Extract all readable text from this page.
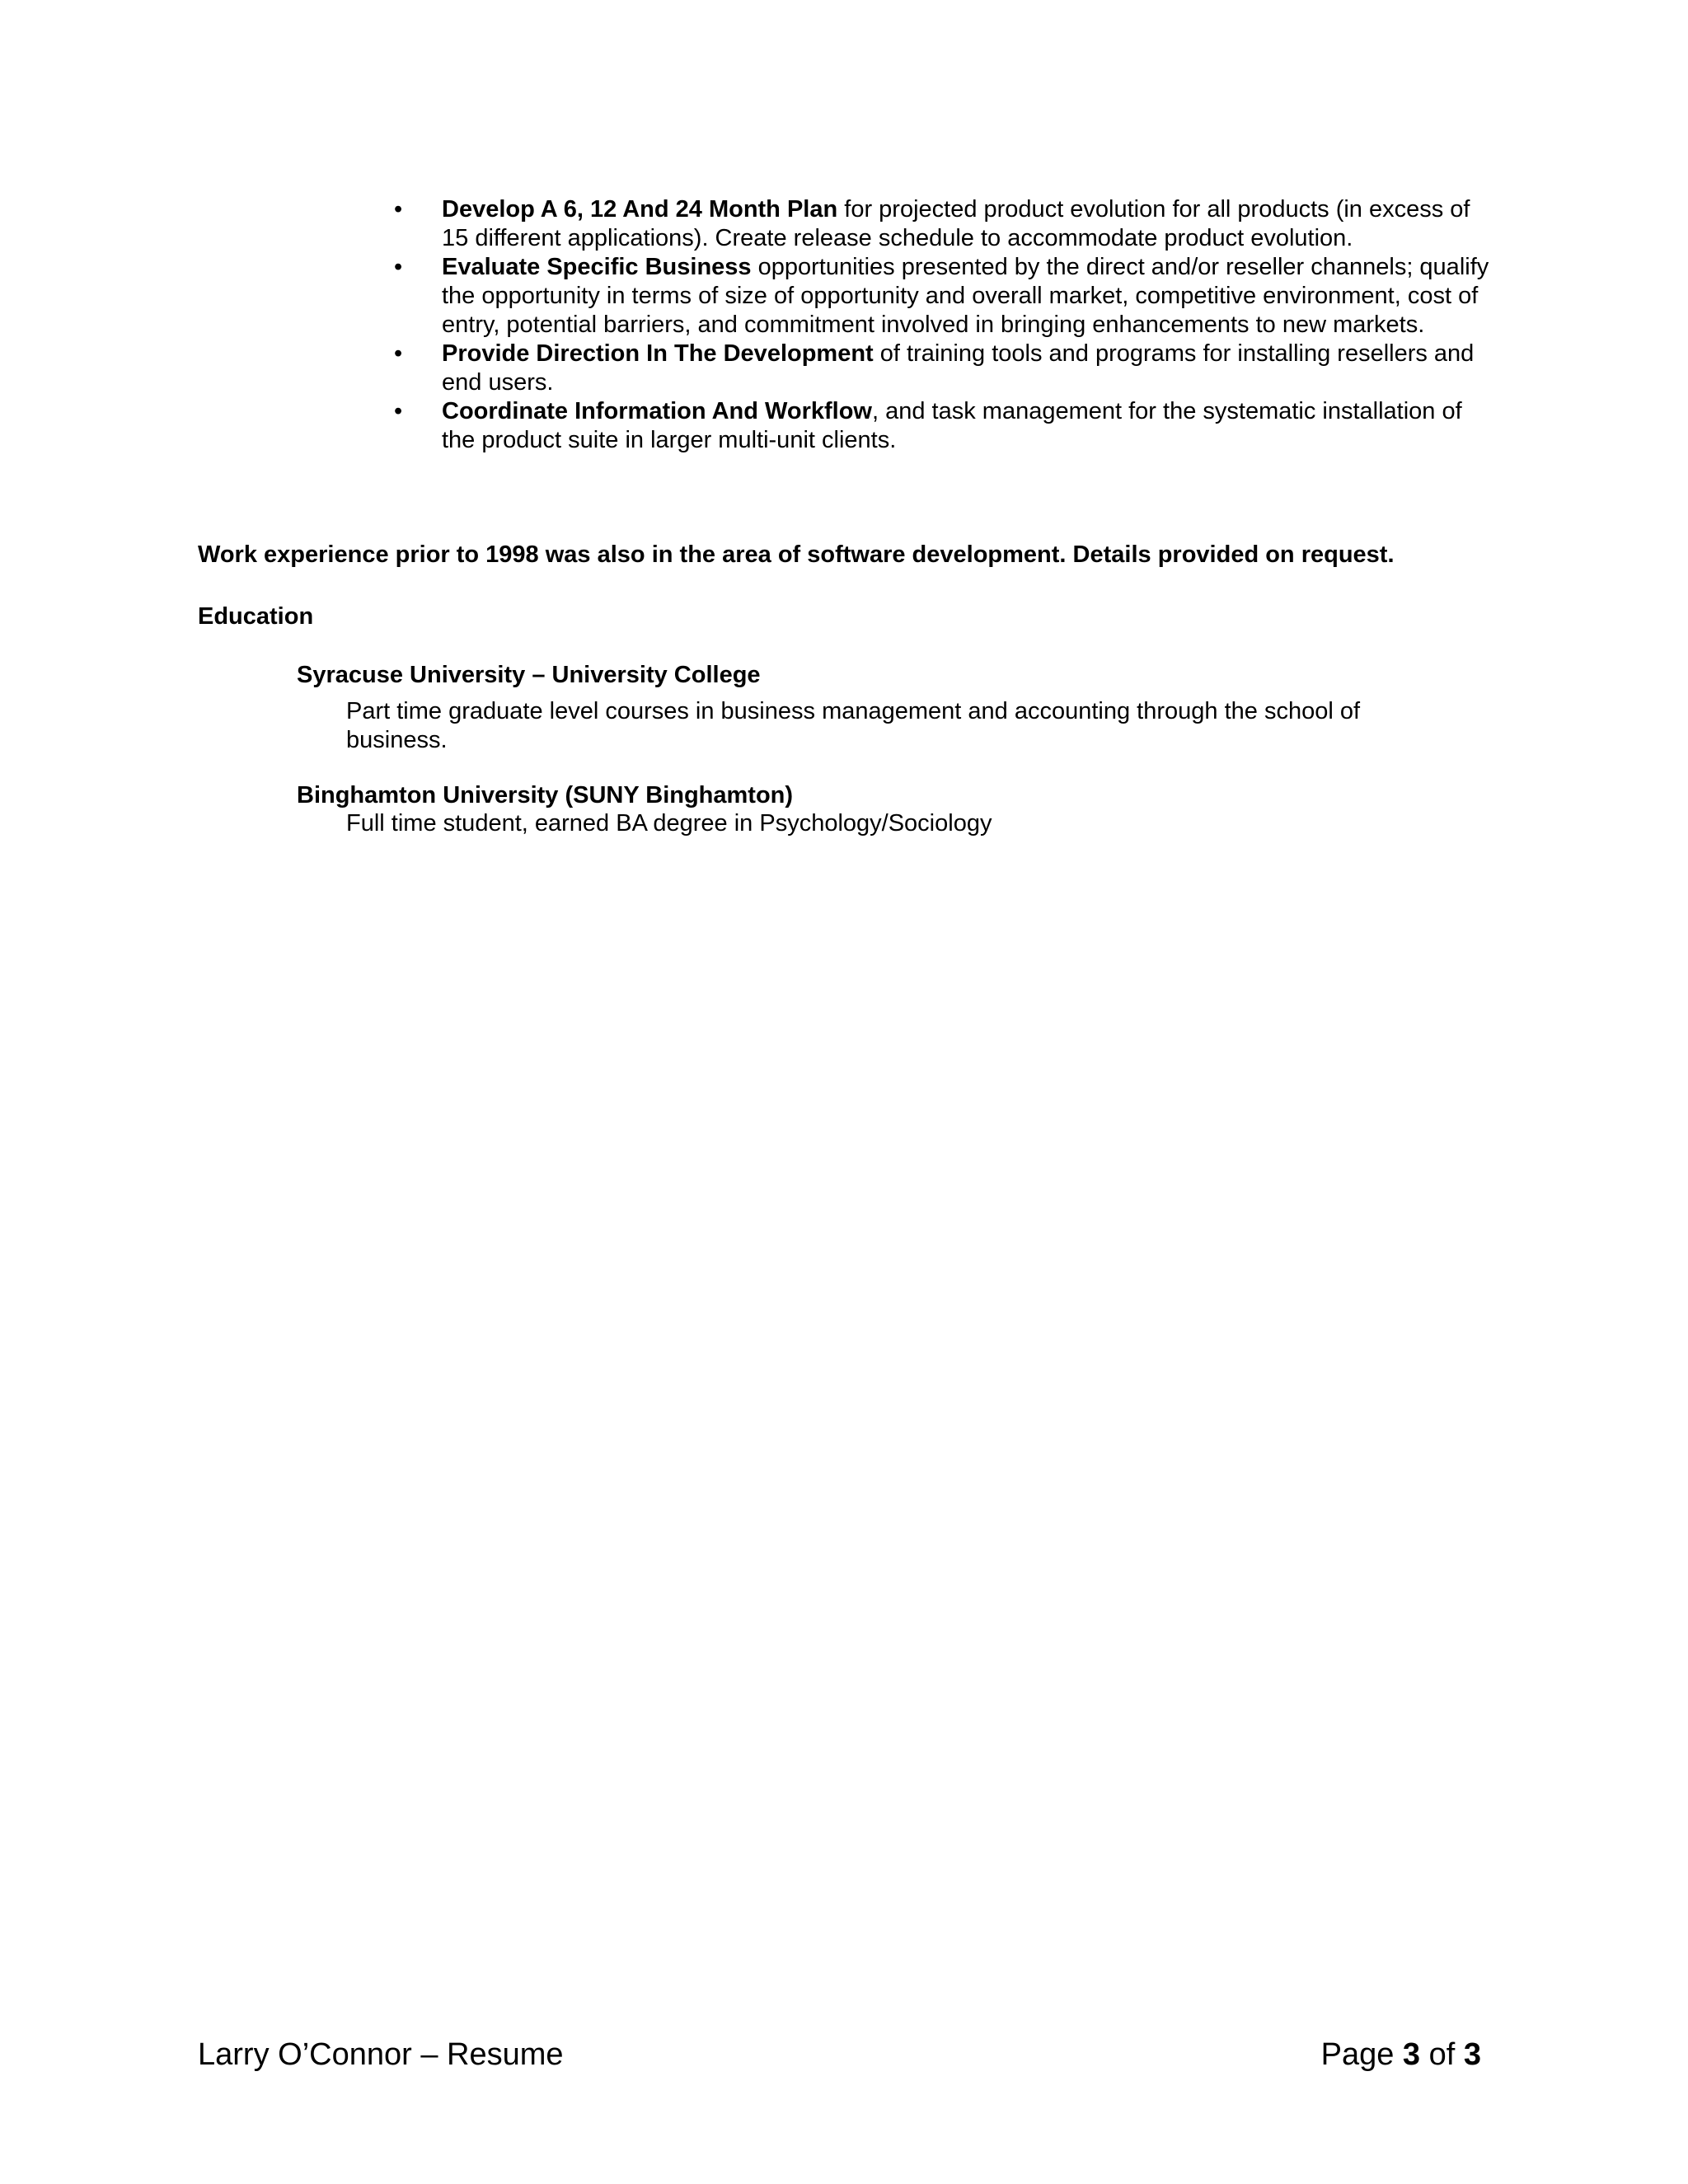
• Develop A 6, 12 And 24 Month Plan for projected product evolution for all products (in excess of 15 different applications). Create release schedule to accommodate product evolution.
• Evaluate Specific Business opportunities presented by the direct and/or reseller channels; qualify the opportunity in terms of size of opportunity and overall market, competitive environment, cost of entry, potential barriers, and commitment involved in bringing enhancements to new markets.
• Provide Direction In The Development of training tools and programs for installing resellers and end users.
• Coordinate Information And Workflow, and task management for the systematic installation of the product suite in larger multi-unit clients.
Work experience prior to 1998 was also in the area of software development. Details provided on request.
Education
Syracuse University – University College
Part time graduate level courses in business management and accounting through the school of business.
Binghamton University (SUNY Binghamton)
Full time student, earned BA degree in Psychology/Sociology
Larry O’Connor – Resume	Page 3 of 3
